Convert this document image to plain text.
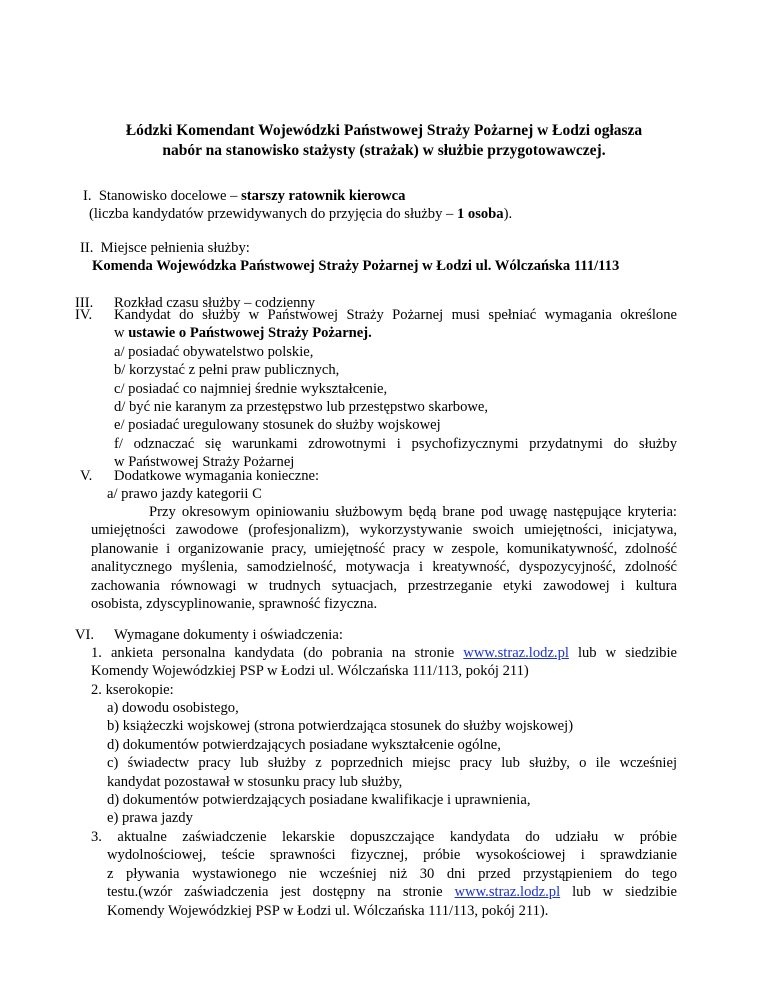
Łódzki Komendant Wojewódzki Państwowej Straży Pożarnej w Łodzi ogłasza
nabór na stanowisko stażysty (strażak) w służbie przygotowawczej.
I. Stanowisko docelowe – starszy ratownik kierowca
(liczba kandydatów przewidywanych do przyjęcia do służby – 1 osoba).
II. Miejsce pełnienia służby:
Komenda Wojewódzka Państwowej Straży Pożarnej w Łodzi ul. Wólczańska 111/113
III. Rozkład czasu służby – codzienny
IV. Kandydat do służby w Państwowej Straży Pożarnej musi spełniać wymagania określone
w ustawie o Państwowej Straży Pożarnej.
a/ posiadać obywatelstwo polskie,
b/ korzystać z pełni praw publicznych,
c/ posiadać co najmniej średnie wykształcenie,
d/ być nie karanym za przestępstwo lub przestępstwo skarbowe,
e/ posiadać uregulowany stosunek do służby wojskowej
f/ odznaczać się warunkami zdrowotnymi i psychofizycznymi przydatnymi do służby
w Państwowej Straży Pożarnej
V. Dodatkowe wymagania konieczne:
a/ prawo jazdy kategorii C
Przy okresowym opiniowaniu służbowym będą brane pod uwagę następujące kryteria:
umiejętności zawodowe (profesjonalizm), wykorzystywanie swoich umiejętności, inicjatywa,
planowanie i organizowanie pracy, umiejętność pracy w zespole, komunikatywność, zdolność
analitycznego myślenia, samodzielność, motywacja i kreatywność, dyspozycyjność, zdolność
zachowania równowagi w trudnych sytuacjach, przestrzeganie etyki zawodowej i kultura
osobista, zdyscyplinowanie, sprawność fizyczna.
VI. Wymagane dokumenty i oświadczenia:
1. ankieta personalna kandydata (do pobrania na stronie www.straz.lodz.pl lub w siedzibie
Komendy Wojewódzkiej PSP w Łodzi ul. Wólczańska 111/113, pokój 211)
2. kserokopie:
a) dowodu osobistego,
b) książeczki wojskowej (strona potwierdzająca stosunek do służby wojskowej)
d) dokumentów potwierdzających posiadane wykształcenie ogólne,
c) świadectw pracy lub służby z poprzednich miejsc pracy lub służby, o ile wcześniej
kandydat pozostawał w stosunku pracy lub służby,
d) dokumentów potwierdzających posiadane kwalifikacje i uprawnienia,
e) prawa jazdy
3. aktualne zaświadczenie lekarskie dopuszczające kandydata do udziału w próbie
wydolnościowej, teście sprawności fizycznej, próbie wysokościowej i sprawdzianie
z pływania wystawionego nie wcześniej niż 30 dni przed przystąpieniem do tego
testu.(wzór zaświadczenia jest dostępny na stronie www.straz.lodz.pl lub w siedzibie
Komendy Wojewódzkiej PSP w Łodzi ul. Wólczańska 111/113, pokój 211).
